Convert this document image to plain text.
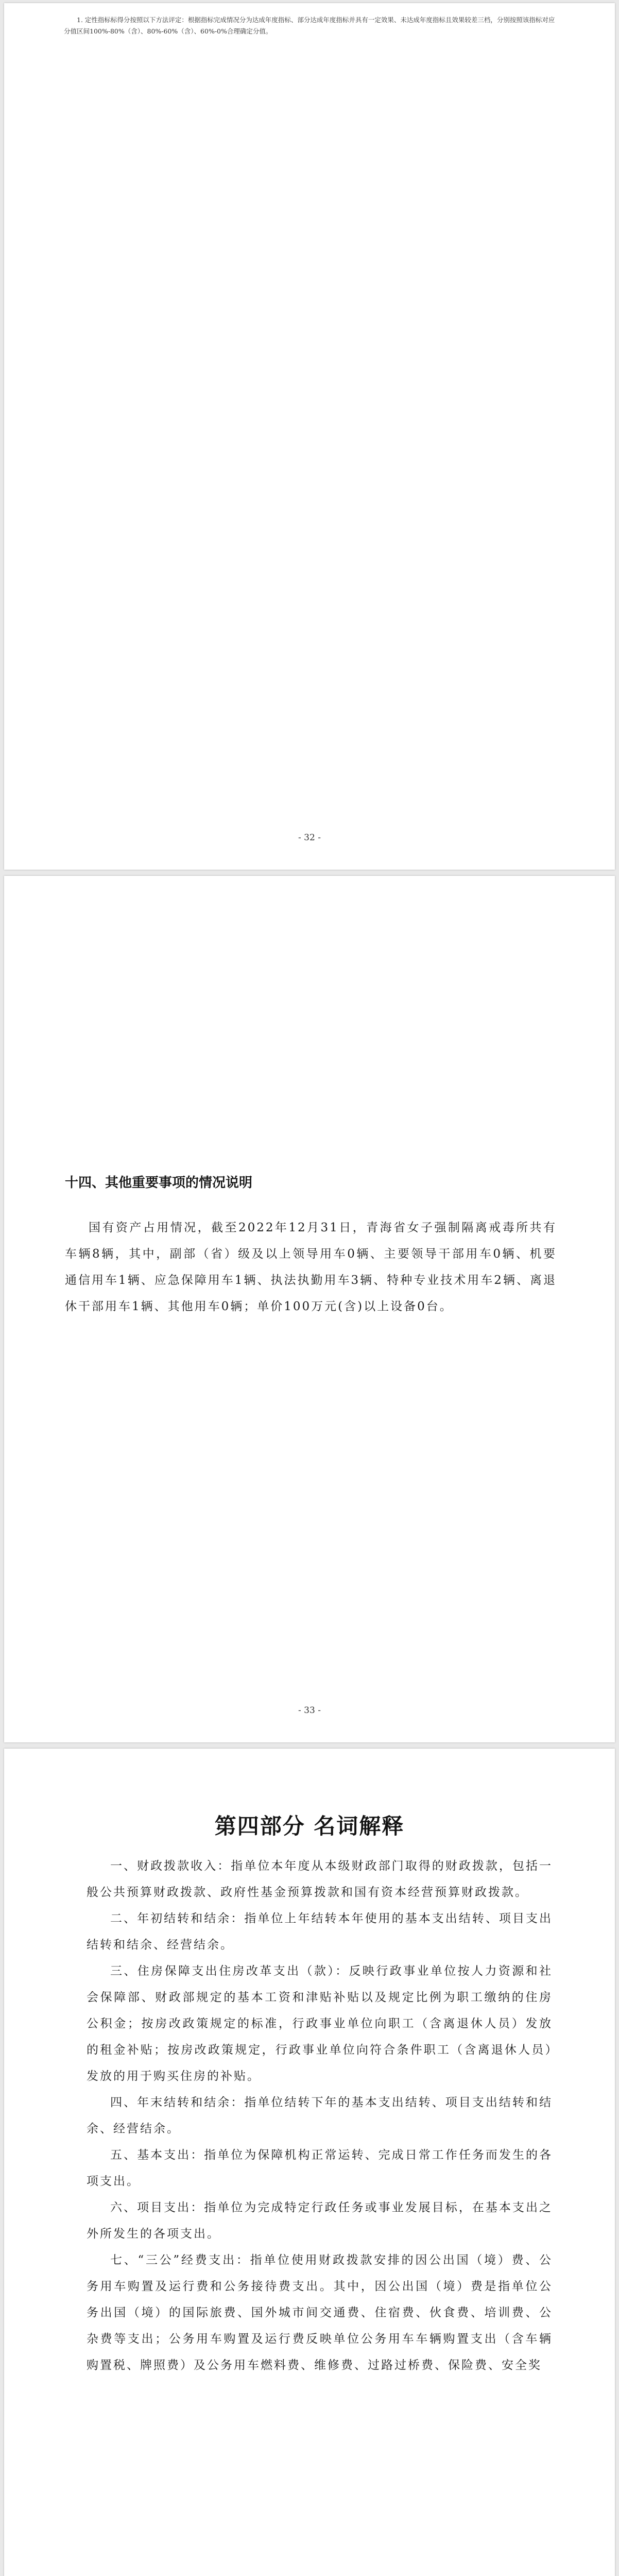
1. 定性指标标得分按照以下方法评定：根据指标完成情况分为达成年度指标、部分达成年度指标并具有一定效果、未达成年度指标且效果较差三档，分别按照该指标对应分值区间100%-80%（含）、80%-60%（含）、60%-0%合理确定分值。
- 32 -
十四、其他重要事项的情况说明
国有资产占用情况，截至2022年12月31日，青海省女子强制隔离戒毒所共有车辆8辆，其中，副部（省）级及以上领导用车0辆、主要领导干部用车0辆、机要通信用车1辆、应急保障用车1辆、执法执勤用车3辆、特种专业技术用车2辆、离退休干部用车1辆、其他用车0辆；单价100万元(含)以上设备0台。
- 33 -
第四部分 名词解释

一、财政拨款收入：指单位本年度从本级财政部门取得的财政拨款，包括一般公共预算财政拨款、政府性基金预算拨款和国有资本经营预算财政拨款。

二、年初结转和结余：指单位上年结转本年使用的基本支出结转、项目支出结转和结余、经营结余。

三、住房保障支出住房改革支出（款）：反映行政事业单位按人力资源和社会保障部、财政部规定的基本工资和津贴补贴以及规定比例为职工缴纳的住房公积金；按房改政策规定的标准，行政事业单位向职工（含离退休人员）发放的租金补贴；按房改政策规定，行政事业单位向符合条件职工（含离退休人员）发放的用于购买住房的补贴。

四、年末结转和结余：指单位结转下年的基本支出结转、项目支出结转和结余、经营结余。

五、基本支出：指单位为保障机构正常运转、完成日常工作任务而发生的各项支出。

六、项目支出：指单位为完成特定行政任务或事业发展目标，在基本支出之外所发生的各项支出。

七、“三公”经费支出：指单位使用财政拨款安排的因公出国（境）费、公务用车购置及运行费和公务接待费支出。其中，因公出国（境）费是指单位公务出国（境）的国际旅费、国外城市间交通费、住宿费、伙食费、培训费、公杂费等支出；公务用车购置及运行费反映单位公务用车车辆购置支出（含车辆购置税、牌照费）及公务用车燃料费、维修费、过路过桥费、保险费、安全奖
